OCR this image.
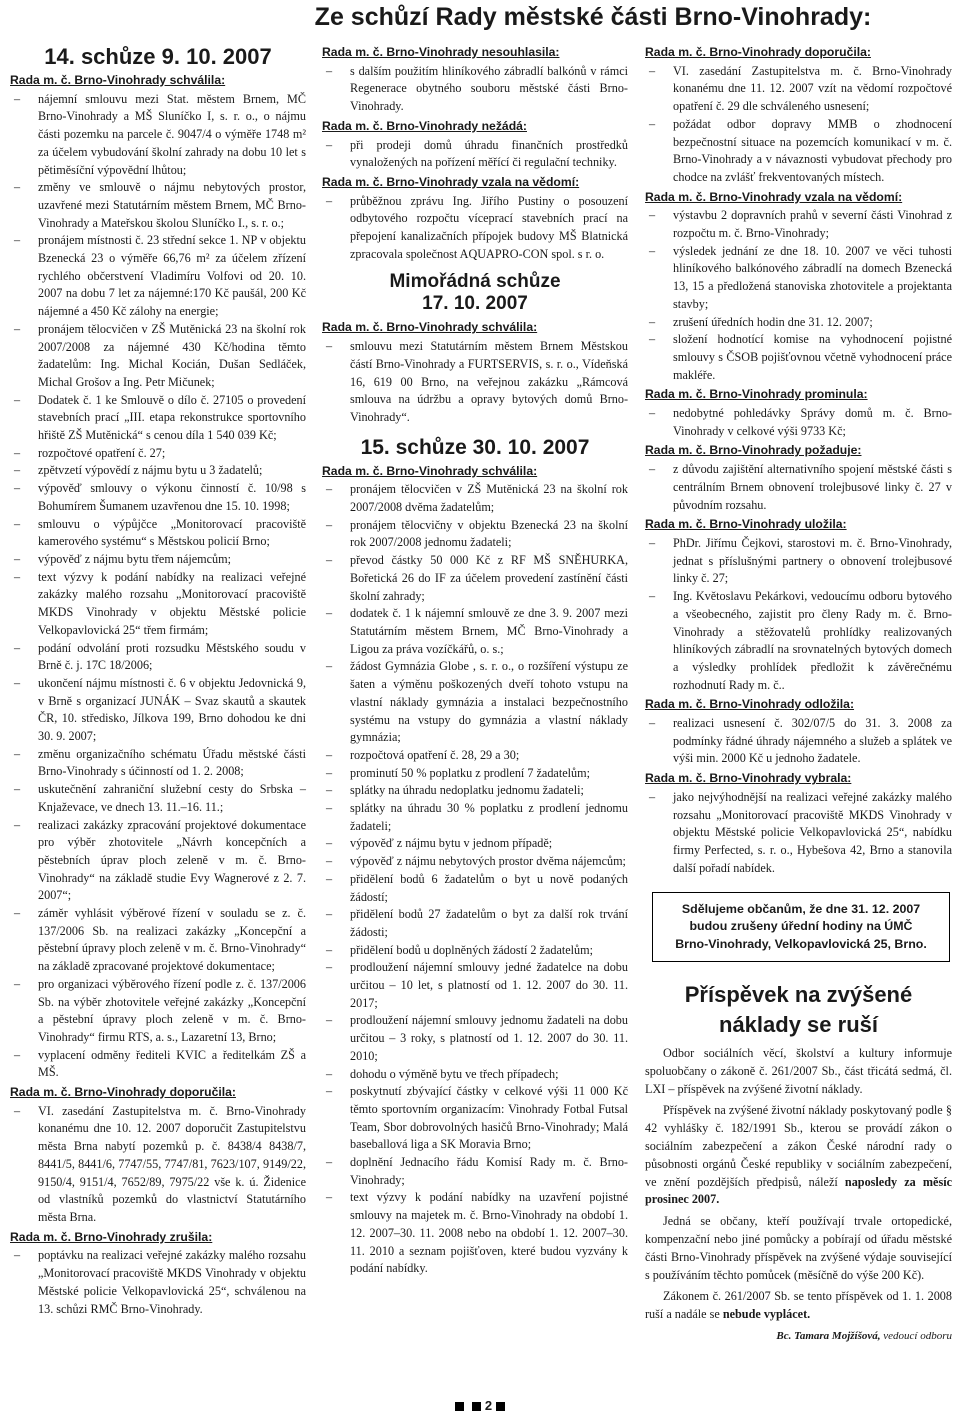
Ze schůzí Rady městské části Brno-Vinohrady:
14. schůze 9. 10. 2007
Rada m. č. Brno-Vinohrady schválila:
– nájemní smlouvu mezi Stat. městem Brnem, MČ Brno-Vinohrady a MŠ Sluníčko I, s. r. o., o nájmu části pozemku na parcele č. 9047/4 o výměře 1748 m² za účelem vybudování školní zahrady na dobu 10 let s pětiměsíční výpovědní lhůtou;
– změny ve smlouvě o nájmu nebytových prostor, uzavřené mezi Statutárním městem Brnem, MČ Brno-Vinohrady a Mateřskou školou Sluníčko I., s. r. o.;
– pronájem místnosti č. 23 střední sekce 1. NP v objektu Bzenecká 23 o výměře 66,76 m² za účelem zřízení rychlého občerstvení Vladimíru Volfovi od 20. 10. 2007 na dobu 7 let za nájemné:170 Kč paušál, 200 Kč nájemné a 450 Kč zálohy na energie;
– pronájem tělocvičen v ZŠ Mutěnická 23 na školní rok 2007/2008 za nájemné 430 Kč/hodina těmto žadatelům: Ing. Michal Kocián, Dušan Sedláček, Michal Grošov a Ing. Petr Mičunek;
– Dodatek č. 1 ke Smlouvě o dílo č. 27105 o provedení stavebních prací „III. etapa rekonstrukce sportovního hřiště ZŠ Mutěnická“ s cenou díla 1 540 039 Kč;
– rozpočtové opatření č. 27;
– zpětvzetí výpovědí z nájmu bytu u 3 žadatelů;
– výpověď smlouvy o výkonu činností č. 10/98 s Bohumírem Šumanem uzavřenou dne 15. 10. 1998;
– smlouvu o výpůjčce „Monitorovací pracoviště kamerového systému“ s Městskou policií Brno;
– výpověď z nájmu bytu třem nájemcům;
– text výzvy k podání nabídky na realizaci veřejné zakázky malého rozsahu „Monitorovací pracoviště MKDS Vinohrady v objektu Městské policie Velkopavlovická 25“ třem firmám;
– podání odvolání proti rozsudku Městského soudu v Brně č. j. 17C 18/2006;
– ukončení nájmu místnosti č. 6 v objektu Jedovnická 9, v Brně s organizací JUNÁK – Svaz skautů a skautek ČR, 10. středisko, Jílkova 199, Brno dohodou ke dni 30. 9. 2007;
– změnu organizačního schématu Úřadu městské části Brno-Vinohrady s účinností od 1. 2. 2008;
– uskutečnění zahraniční služební cesty do Srbska – Knjaževace, ve dnech 13. 11.–16. 11.;
– realizaci zakázky zpracování projektové dokumentace pro výběr zhotovitele „Návrh koncepčních a pěstebních úprav ploch zeleně v m. č. Brno-Vinohrady“ na základě studie Evy Wagnerové z 2. 7. 2007“;
– záměr vyhlásit výběrové řízení v souladu se z. č. 137/2006 Sb. na realizaci zakázky „Koncepční a pěstební úpravy ploch zeleně v m. č. Brno-Vinohrady“ na základě zpracované projektové dokumentace;
– pro organizaci výběrového řízení podle z. č. 137/2006 Sb. na výběr zhotovitele veřejné zakázky „Koncepční a pěstební úpravy ploch zeleně v m. č. Brno-Vinohrady“ firmu RTS, a. s., Lazaretní 13, Brno;
– vyplacení odměny řediteli KVIC a ředitelkám ZŠ a MŠ.
Rada m. č. Brno-Vinohrady doporučila:
– VI. zasedání Zastupitelstva m. č. Brno-Vinohrady konanému dne 10. 12. 2007 doporučit Zastupitelstvu města Brna nabytí pozemků p. č. 8438/4 8438/7, 8441/5, 8441/6, 7747/55, 7747/81, 7623/107, 9149/22, 9150/4, 9151/4, 7652/89, 7975/22 vše k. ú. Židenice od vlastníků pozemků do vlastnictví Statutárního města Brna.
Rada m. č. Brno-Vinohrady zrušila:
– poptávku na realizaci veřejné zakázky malého rozsahu „Monitorovací pracoviště MKDS Vinohrady v objektu Městské policie Velkopavlovická 25“, schválenou na 13. schůzi RMČ Brno-Vinohrady.
Rada m. č. Brno-Vinohrady nesouhlasila:
– s dalším použitím hliníkového zábradlí balkónů v rámci Regenerace obytného souboru městské části Brno-Vinohrady.
Rada m. č. Brno-Vinohrady nežádá:
– při prodeji domů úhradu finančních prostředků vynaložených na pořízení měřící či regulační techniky.
Rada m. č. Brno-Vinohrady vzala na vědomí:
– průběžnou zprávu Ing. Jiřího Pustiny o posouzení odbytového rozpočtu víceprací stavebních prací na přepojení kanalizačních přípojek budovy MŠ Blatnická zpracovala společnost AQUAPRO-CON spol. s r. o.
Mimořádná schůze
17. 10. 2007
Rada m. č. Brno-Vinohrady schválila:
– smlouvu mezi Statutárním městem Brnem Městskou částí Brno-Vinohrady a FURTSERVIS, s. r. o., Vídeňská 16, 619 00 Brno, na veřejnou zakázku „Rámcová smlouva na údržbu a opravy bytových domů Brno-Vinohrady“.
15. schůze 30. 10. 2007
Rada m. č. Brno-Vinohrady schválila:
– pronájem tělocvičen v ZŠ Mutěnická 23 na školní rok 2007/2008 dvěma žadatelům;
– pronájem tělocvičny v objektu Bzenecká 23 na školní rok 2007/2008 jednomu žadateli;
– převod částky 50 000 Kč z RF MŠ SNĚHURKA, Bořetická 26 do IF za účelem provedení zastínění části školní zahrady;
– dodatek č. 1 k nájemní smlouvě ze dne 3. 9. 2007 mezi Statutárním městem Brnem, MČ Brno-Vinohrady a Ligou za práva vozíčkářů, o. s.;
– žádost Gymnázia Globe , s. r. o., o rozšíření výstupu ze šaten a výměnu poškozených dveří tohoto vstupu na vlastní náklady gymnázia a instalaci bezpečnostního systému na vstupy do gymnázia a vlastní náklady gymnázia;
– rozpočtová opatření č. 28, 29 a 30;
– prominutí 50 % poplatku z prodlení 7 žadatelům;
– splátky na úhradu nedoplatku jednomu žadateli;
– splátky na úhradu 30 % poplatku z prodlení jednomu žadateli;
– výpověď z nájmu bytu v jednom případě;
– výpověď z nájmu nebytových prostor dvěma nájemcům;
– přidělení bodů 6 žadatelům o byt u nově podaných žádostí;
– přidělení bodů 27 žadatelům o byt za další rok trvání žádosti;
– přidělení bodů u doplněných žádostí 2 žadatelům;
– prodloužení nájemní smlouvy jedné žadatelce na dobu určitou – 10 let, s platností od 1. 12. 2007 do 30. 11. 2017;
– prodloužení nájemní smlouvy jednomu žadateli na dobu určitou – 3 roky, s platností od 1. 12. 2007 do 30. 11. 2010;
– dohodu o výměně bytu ve třech případech;
– poskytnutí zbývající částky v celkové výši 11 000 Kč těmto sportovním organizacím: Vinohrady Fotbal Futsal Team, Sbor dobrovolných hasičů Brno-Vinohrady; Malá baseballová liga a SK Moravia Brno;
– doplnění Jednacího řádu Komisí Rady m. č. Brno-Vinohrady;
– text výzvy k podání nabídky na uzavření pojistné smlouvy na majetek m. č. Brno-Vinohrady na období 1. 12. 2007–30. 11. 2008 nebo na období 1. 12. 2007–30. 11. 2010 a seznam pojišťoven, které budou vyzvány k podání nabídky.
Rada m. č. Brno-Vinohrady doporučila:
– VI. zasedání Zastupitelstva m. č. Brno-Vinohrady konanému dne 11. 12. 2007 vzít na vědomí rozpočtové opatření č. 29 dle schváleného usnesení;
– požádat odbor dopravy MMB o zhodnocení bezpečnostní situace na pozemcích komunikací v m. č. Brno-Vinohrady a v návaznosti vybudovat přechody pro chodce na zvlášť frekventovaných místech.
Rada m. č. Brno-Vinohrady vzala na vědomí:
– výstavbu 2 dopravních prahů v severní části Vinohrad z rozpočtu m. č. Brno-Vinohrady;
– výsledek jednání ze dne 18. 10. 2007 ve věci tuhosti hliníkového balkónového zábradlí na domech Bzenecká 13, 15 a předložená stanoviska zhotovitele a projektanta stavby;
– zrušení úředních hodin dne 31. 12. 2007;
– složení hodnotící komise na vyhodnocení pojistné smlouvy s ČSOB pojišťovnou včetně vyhodnocení práce makléře.
Rada m. č. Brno-Vinohrady prominula:
– nedobytné pohledávky Správy domů m. č. Brno-Vinohrady v celkové výši 9733 Kč;
Rada m. č. Brno-Vinohrady požaduje:
– z důvodu zajištění alternativního spojení městské části s centrálním Brnem obnovení trolejbusové linky č. 27 v původním rozsahu.
Rada m. č. Brno-Vinohrady uložila:
– PhDr. Jiřímu Čejkovi, starostovi m. č. Brno-Vinohrady, jednat s příslušnými partnery o obnovení trolejbusové linky č. 27;
– Ing. Květoslavu Pekárkovi, vedoucímu odboru bytového a všeobecného, zajistit pro členy Rady m. č. Brno-Vinohrady a stěžovatelů prohlídky realizovaných hliníkových zábradlí na srovnatelných bytových domech a výsledky prohlídek předložit k závěrečnému rozhodnutí Rady m. č..
Rada m. č. Brno-Vinohrady odložila:
– realizaci usnesení č. 302/07/5 do 31. 3. 2008 za podmínky řádné úhrady nájemného a služeb a splátek ve výši min. 2000 Kč u jednoho žadatele.
Rada m. č. Brno-Vinohrady vybrala:
– jako nejvýhodnější na realizaci veřejné zakázky malého rozsahu „Monitorovací pracoviště MKDS Vinohrady v objektu Městské policie Velkopavlovická 25“, nabídku firmy Perfected, s. r. o., Hybešova 42, Brno a stanovila další pořadí nabídek.
Sdělujeme občanům, že dne 31. 12. 2007
budou zrušeny úřední hodiny na ÚMČ
Brno-Vinohrady, Velkopavlovická 25, Brno.
Příspěvek na zvýšené
náklady se ruší

Odbor sociálních věcí, školství a kultury informuje spoluobčany o zákoně č. 261/2007 Sb., část třicátá sedmá, čl. LXI – příspěvek na zvýšené životní náklady.

Příspěvek na zvýšené životní náklady poskytovaný podle § 42 vyhlášky č. 182/1991 Sb., kterou se provádí zákon o sociálním zabezpečení a zákon České národní rady o působnosti orgánů České republiky v sociálním zabezpečení, ve znění pozdějších předpisů, náleží naposledy za měsíc prosinec 2007.

Jedná se občany, kteří používají trvale ortopedické, kompenzační nebo jiné pomůcky a pobírají od úřadu městské části Brno-Vinohrady příspěvek na zvýšené výdaje související s používáním těchto pomůcek (měsíčně do výše 200 Kč).

Zákonem č. 261/2007 Sb. se tento příspěvek od 1. 1. 2008 ruší a nadále se nebude vyplácet.

Bc. Tamara Mojžíšová, vedoucí odboru
2
